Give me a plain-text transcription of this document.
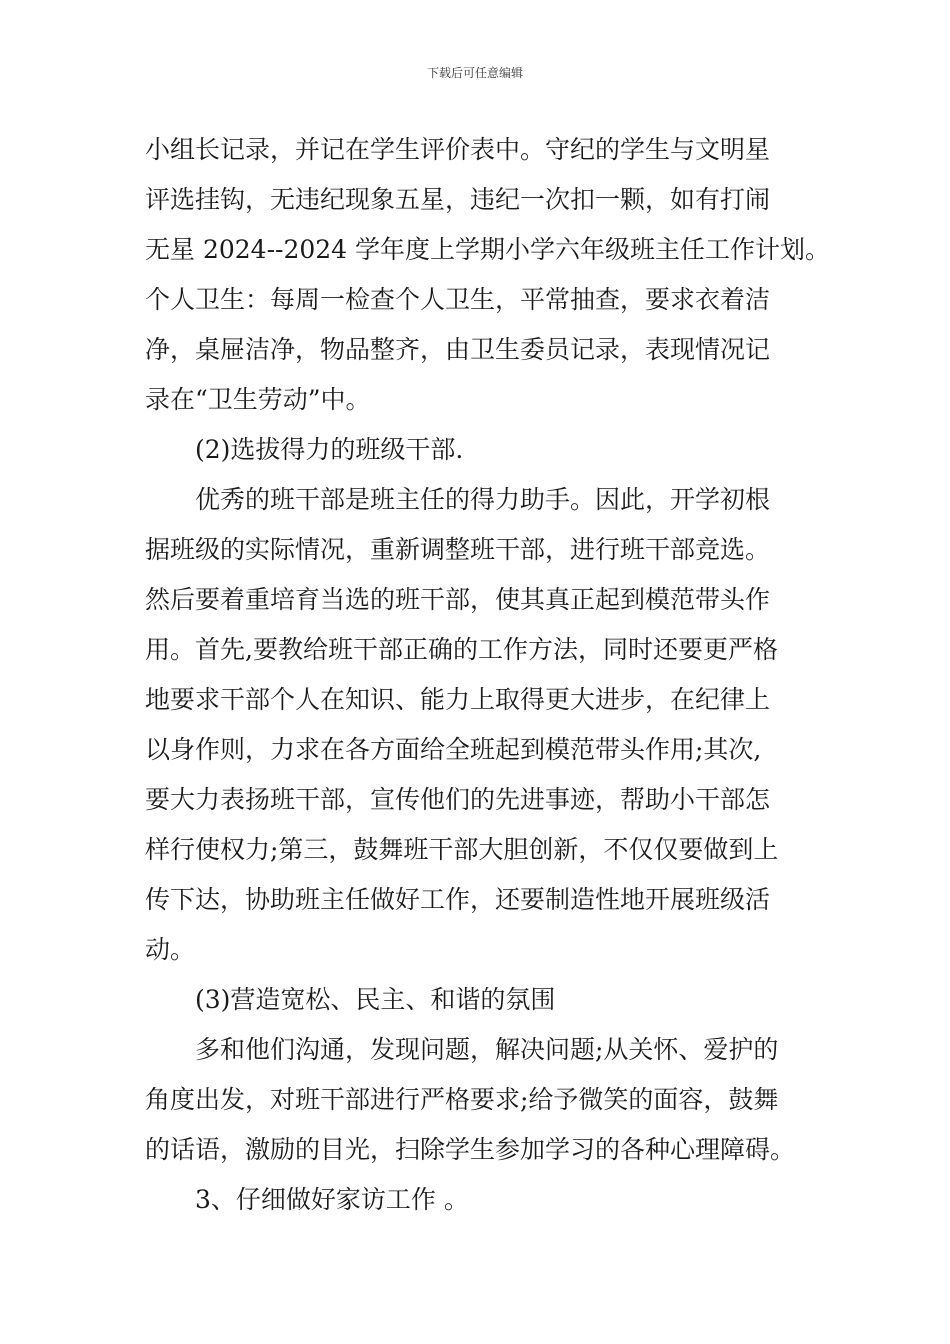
下载后可任意编辑
小组长记录，并记在学生评价表中。守纪的学生与文明星
评选挂钩，无违纪现象五星，违纪一次扣一颗，如有打闹
无星 2024--2024 学年度上学期小学六年级班主任工作计划。
个人卫生：每周一检查个人卫生，平常抽查，要求衣着洁
净，桌屉洁净，物品整齐，由卫生委员记录，表现情况记
录在“卫生劳动”中。
(2)选拔得力的班级干部.
优秀的班干部是班主任的得力助手。因此，开学初根
据班级的实际情况，重新调整班干部，进行班干部竞选。
然后要着重培育当选的班干部，使其真正起到模范带头作
用。首先,要教给班干部正确的工作方法，同时还要更严格
地要求干部个人在知识、能力上取得更大进步，在纪律上
以身作则，力求在各方面给全班起到模范带头作用;其次,
要大力表扬班干部，宣传他们的先进事迹，帮助小干部怎
样行使权力;第三，鼓舞班干部大胆创新，不仅仅要做到上
传下达，协助班主任做好工作，还要制造性地开展班级活
动。
(3)营造宽松、民主、和谐的氛围
多和他们沟通，发现问题，解决问题;从关怀、爱护的
角度出发，对班干部进行严格要求;给予微笑的面容，鼓舞
的话语，激励的目光，扫除学生参加学习的各种心理障碍。
3、仔细做好家访工作 。
